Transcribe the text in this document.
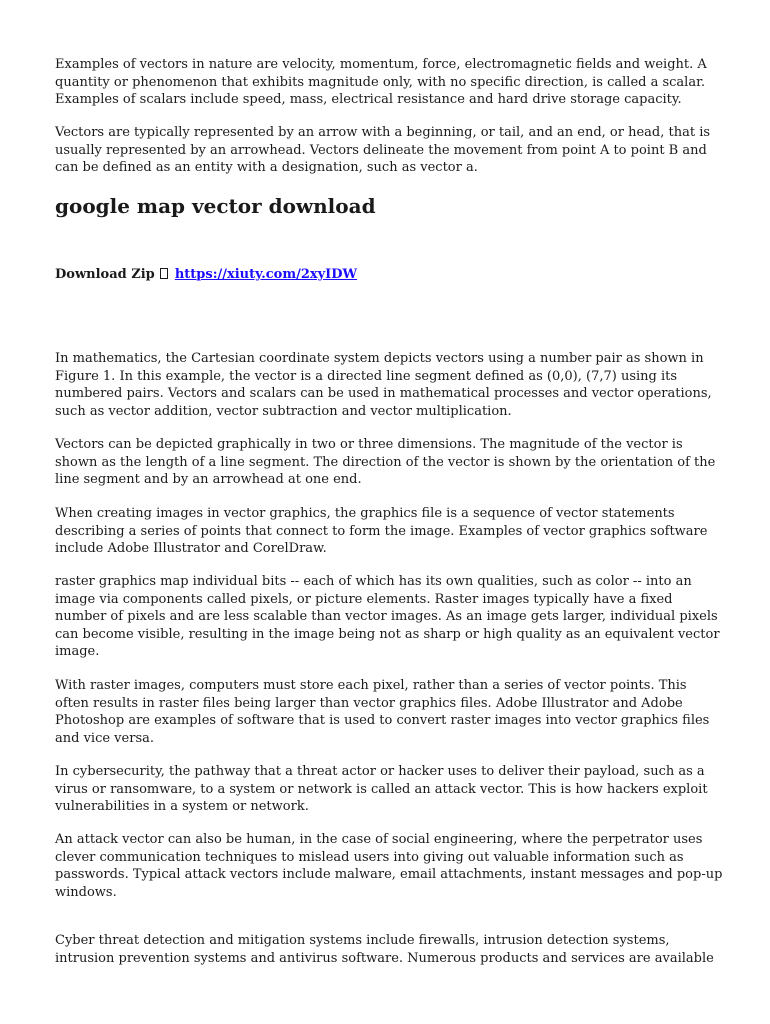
Examples of vectors in nature are velocity, momentum, force, electromagnetic fields and weight. A quantity or phenomenon that exhibits magnitude only, with no specific direction, is called a scalar. Examples of scalars include speed, mass, electrical resistance and hard drive storage capacity.

Vectors are typically represented by an arrow with a beginning, or tail, and an end, or head, that is usually represented by an arrowhead. Vectors delineate the movement from point A to point B and can be defined as an entity with a designation, such as vector a.

google map vector download
Download Zip https://xiuty.com/2xyIDW

In mathematics, the Cartesian coordinate system depicts vectors using a number pair as shown in Figure 1. In this example, the vector is a directed line segment defined as (0,0), (7,7) using its numbered pairs. Vectors and scalars can be used in mathematical processes and vector operations, such as vector addition, vector subtraction and vector multiplication.

Vectors can be depicted graphically in two or three dimensions. The magnitude of the vector is shown as the length of a line segment. The direction of the vector is shown by the orientation of the line segment and by an arrowhead at one end.

When creating images in vector graphics, the graphics file is a sequence of vector statements describing a series of points that connect to form the image. Examples of vector graphics software include Adobe Illustrator and CorelDraw.

raster graphics map individual bits -- each of which has its own qualities, such as color -- into an image via components called pixels, or picture elements. Raster images typically have a fixed number of pixels and are less scalable than vector images. As an image gets larger, individual pixels can become visible, resulting in the image being not as sharp or high quality as an equivalent vector image.

With raster images, computers must store each pixel, rather than a series of vector points. This often results in raster files being larger than vector graphics files. Adobe Illustrator and Adobe Photoshop are examples of software that is used to convert raster images into vector graphics files and vice versa.

In cybersecurity, the pathway that a threat actor or hacker uses to deliver their payload, such as a virus or ransomware, to a system or network is called an attack vector. This is how hackers exploit vulnerabilities in a system or network.

An attack vector can also be human, in the case of social engineering, where the perpetrator uses clever communication techniques to mislead users into giving out valuable information such as passwords. Typical attack vectors include malware, email attachments, instant messages and pop-up windows.

Cyber threat detection and mitigation systems include firewalls, intrusion detection systems, intrusion prevention systems and antivirus software. Numerous products and services are available
